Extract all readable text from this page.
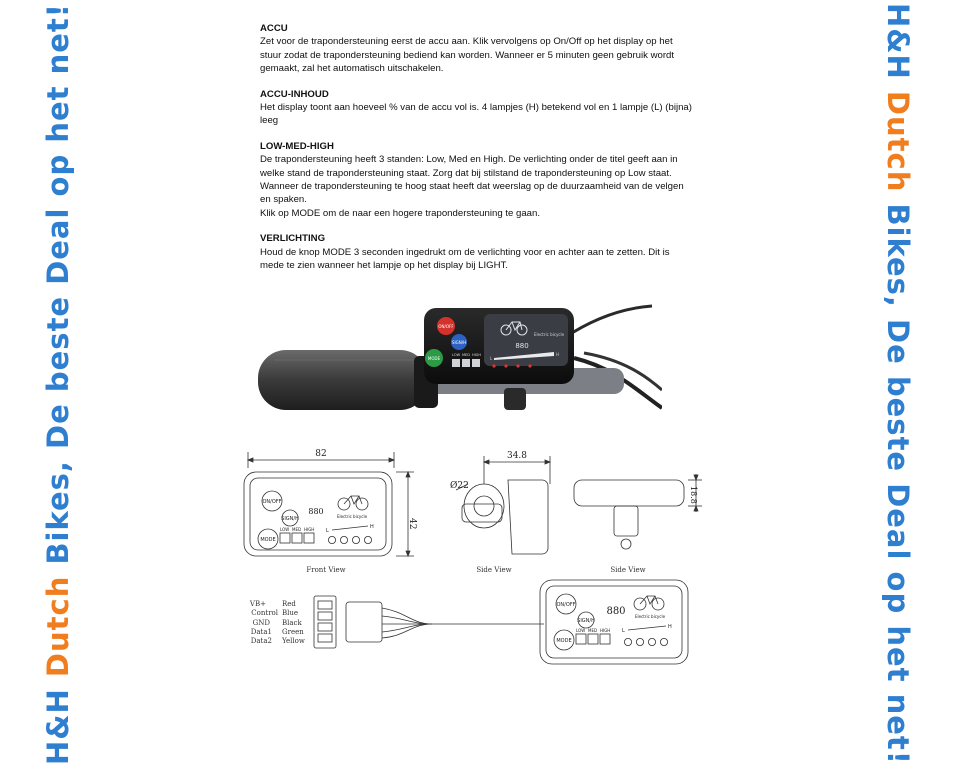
H&H Dutch Bikes, De beste Deal op het net!	H&H Dutch Bikes, De beste Deal op het net!
ACCU

Zet voor de trapondersteuning eerst de accu aan. Klik vervolgens op On/Off op het display op het

stuur zodat de trapondersteuning bediend kan worden. Wanneer er 5 minuten geen gebruik wordt

gemaakt, zal het automatisch uitschakelen.

ACCU-INHOUD

Het display toont aan hoeveel % van de accu vol is. 4 lampjes (H) betekend vol en 1 lampje (L) (bijna)

leeg

LOW-MED-HIGH

De trapondersteuning heeft 3 standen: Low, Med en High. De verlichting onder de titel geeft aan in

welke stand de trapondersteuning staat. Zorg dat bij stilstand de trapondersteuning op Low staat.

Wanneer de trapondersteuning te hoog staat heeft dat weerslag op de duurzaamheid van de velgen

en spaken.

Klik op MODE om de naar een hogere trapondersteuning te gaan.

VERLICHTING

Houd de knop MODE 3 seconden ingedrukt om de verlichting voor en achter aan te zetten. Dit is

mede te zien wanneer het lampje op het display bij LIGHT.

ON/OFF
SIGN/H
MODE
Electric bicycle
880
L
H
LOW MED HIGH
82
42
34.8
Ø22	18.8
Front View	Side View	Side View
ON/OFF
SIGN/H
MODE
LOW MED HIGH
880
Electric bicycle
L
H
ON/OFF
SIGN/H
MODE
LOW MED HIGH
880 Electric bicycle
L
H
VB+ Red
Control Blue
GND Black
Data1 Green
Data2 Yellow
